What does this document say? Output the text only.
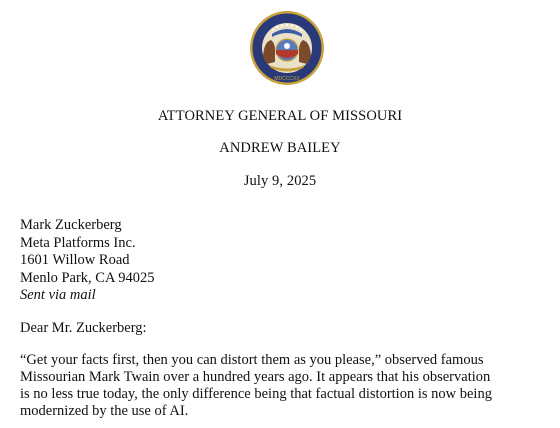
MDCCCXX
ATTORNEY GENERAL OF MISSOURI
ANDREW BAILEY
July 9, 2025
Mark Zuckerberg
Meta Platforms Inc.
1601 Willow Road
Menlo Park, CA 94025
Sent via mail
Dear Mr. Zuckerberg:
“Get your facts first, then you can distort them as you please,” observed famous
Missourian Mark Twain over a hundred years ago. It appears that his observation
is no less true today, the only difference being that factual distortion is now being
modernized by the use of AI.
